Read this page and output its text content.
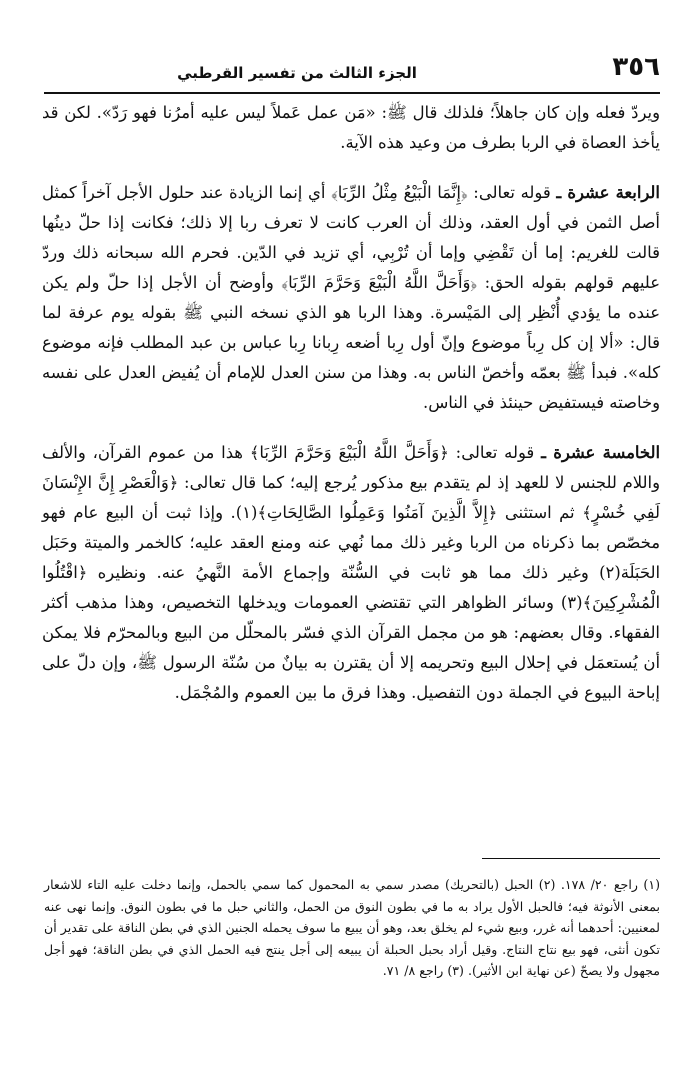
٣٥٦
الجزء الثالث من تفسير القرطبي

ويردّ فعله وإن كان جاهلاً؛ فلذلك قال ﷺ: «مَن عمل عَملاً ليس عليه أمرُنا فهو رَدّ». لكن قد يأخذ العصاة في الربا بطرف من وعيد هذه الآية.

الرابعة عشرة ـ قوله تعالى: ﴿إِنَّمَا الْبَيْعُ مِثْلُ الرِّبَا﴾ أي إنما الزيادة عند حلول الأجل آخراً كمثل أصل الثمن في أول العقد، وذلك أن العرب كانت لا تعرف ربا إلا ذلك؛ فكانت إذا حلّ دينُها قالت للغريم: إما أن تَقْضِي وإما أن تُرْبِي، أي تزيد في الدّين. فحرم الله سبحانه ذلك وردّ عليهم قولهم بقوله الحق: ﴿وَأَحَلَّ اللَّهُ الْبَيْعَ وَحَرَّمَ الرِّبَا﴾ وأوضح أن الأجل إذا حلّ ولم يكن عنده ما يؤدي أُنْظِر إلى المَيْسرة. وهذا الربا هو الذي نسخه النبي ﷺ بقوله يوم عرفة لما قال: «ألا إن كل رِباً موضوع وإنّ أول رِبا أضعه رِبانا رِبا عباس بن عبد المطلب فإنه موضوع كله». فبدأ ﷺ بعمّه وأخصّ الناس به. وهذا من سنن العدل للإمام أن يُفيض العدل على نفسه وخاصته فيستفيض حينئذ في الناس.

الخامسة عشرة ـ قوله تعالى: ﴿وَأَحَلَّ اللَّهُ الْبَيْعَ وَحَرَّمَ الرِّبَا﴾ هذا من عموم القرآن، والألف واللام للجنس لا للعهد إذ لم يتقدم بيع مذكور يُرجع إليه؛ كما قال تعالى: ﴿وَالْعَصْرِ إِنَّ الإِنْسَانَ لَفِي خُسْرٍ﴾ ثم استثنى ﴿إِلاَّ الَّذِينَ آمَنُوا وَعَمِلُوا الصَّالِحَاتِ﴾(١). وإذا ثبت أن البيع عام فهو مخصّص بما ذكرناه من الربا وغير ذلك مما نُهي عنه ومنع العقد عليه؛ كالخمر والميتة وحَبَل الحَبَلَة(٢) وغير ذلك مما هو ثابت في السُّنّة وإجماع الأمة النَّهيُ عنه. ونظيره ﴿اقْتُلُوا الْمُشْرِكِينَ﴾(٣) وسائر الظواهر التي تقتضي العمومات ويدخلها التخصيص، وهذا مذهب أكثر الفقهاء. وقال بعضهم: هو من مجمل القرآن الذي فسّر بالمحلّل من البيع وبالمحرّم فلا يمكن أن يُستعمَل في إحلال البيع وتحريمه إلا أن يقترن به بيانٌ من سُنّة الرسول ﷺ، وإن دلّ على إباحة البيوع في الجملة دون التفصيل. وهذا فرق ما بين العموم والمُجْمَل.

(١) راجع ٢٠/ ١٧٨. (٢) الحبل (بالتحريك) مصدر سمي به المحمول كما سمي بالحمل، وإنما دخلت عليه التاء للاشعار بمعنى الأنوثة فيه؛ فالحبل الأول يراد به ما في بطون النوق من الحمل، والثاني حبل ما في بطون النوق. وإنما نهى عنه لمعنيين: أحدهما أنه غرر، وبيع شيء لم يخلق بعد، وهو أن يبيع ما سوف يحمله الجنين الذي في بطن الناقة على تقدير أن تكون أنثى، فهو بيع نتاج النتاج. وقيل أراد بحبل الحبلة أن يبيعه إلى أجل ينتج فيه الحمل الذي في بطن الناقة؛ فهو أجل مجهول ولا يصحّ (عن نهاية ابن الأثير). (٣) راجع ٨/ ٧١.
